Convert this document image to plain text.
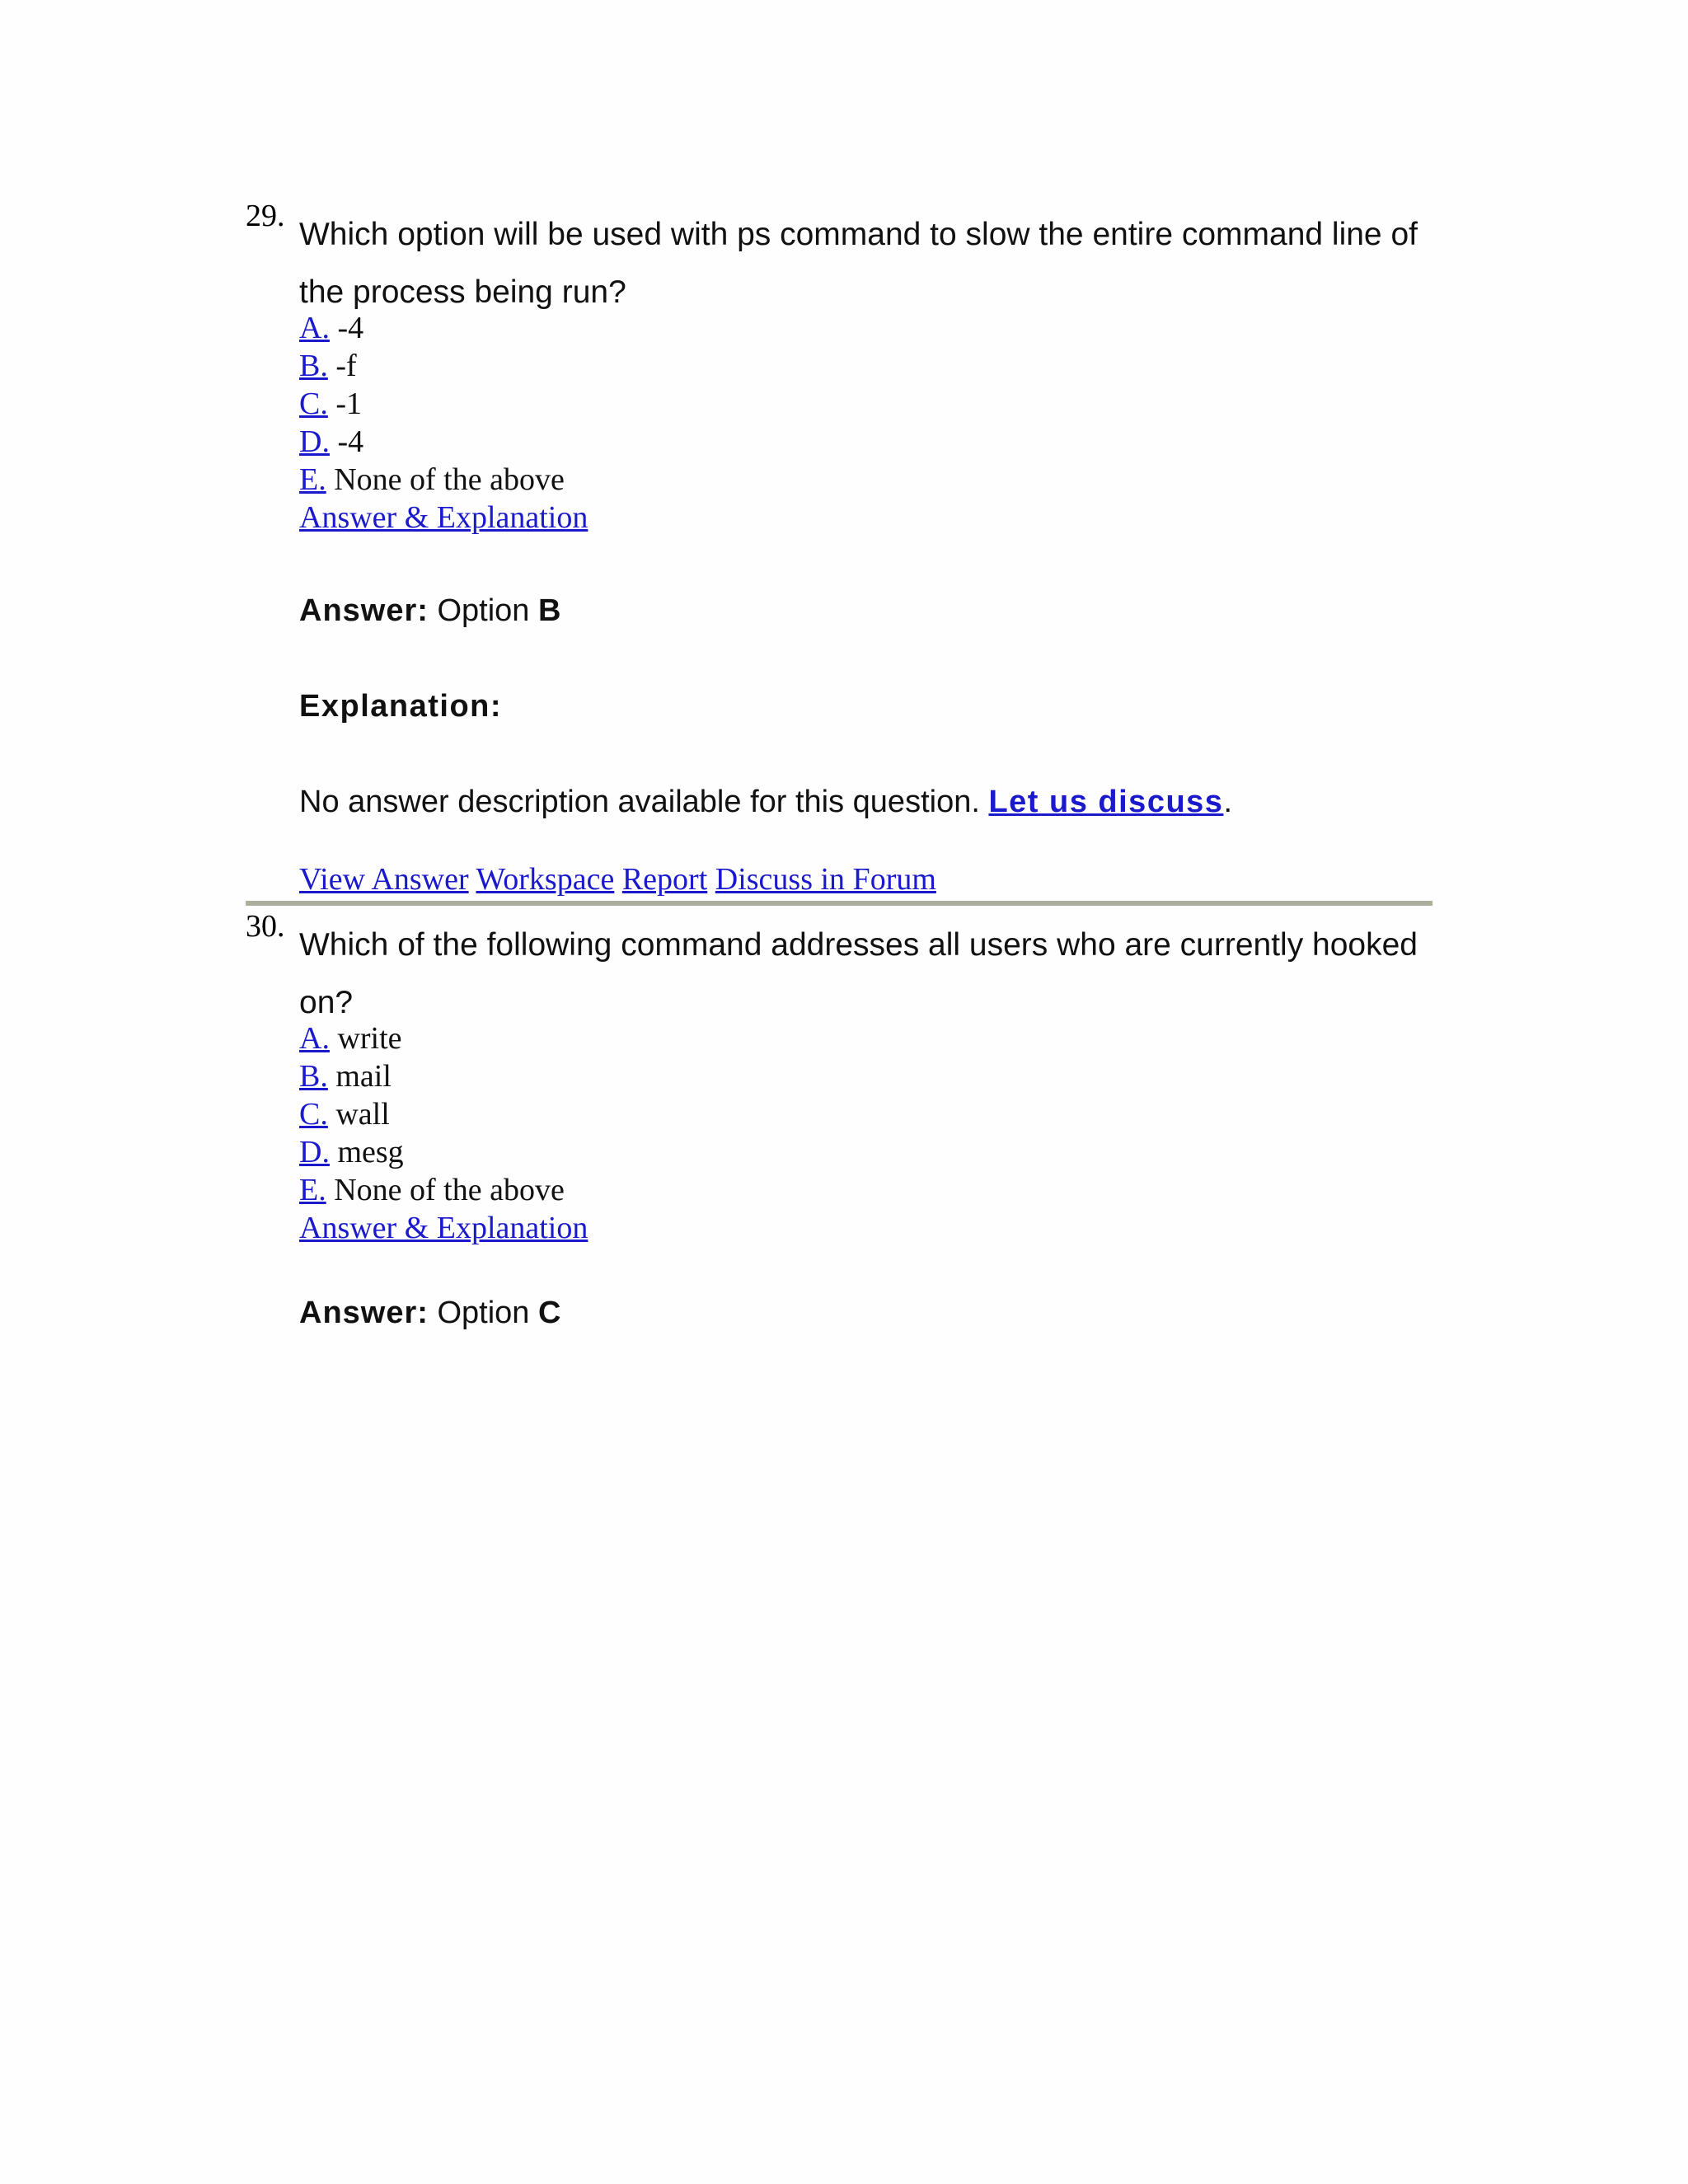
29.
Which option will be used with ps command to slow the entire command line of the process being run?
A. -4
B. -f
C. -1
D. -4
E. None of the above
Answer & Explanation
Answer: Option B
Explanation:
No answer description available for this question. Let us discuss.
View Answer Workspace Report Discuss in Forum
30.
Which of the following command addresses all users who are currently hooked on?
A. write
B. mail
C. wall
D. mesg
E. None of the above
Answer & Explanation
Answer: Option C
